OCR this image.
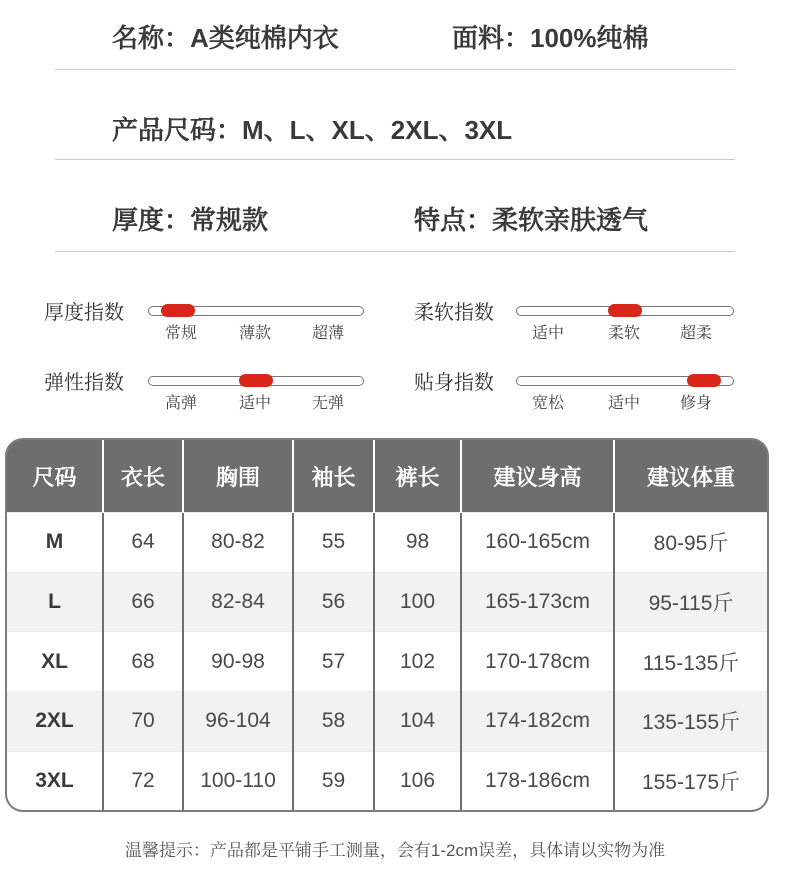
名称：A类纯棉内衣	面料：100%纯棉
产品尺码：M、L、XL、2XL、3XL
厚度：常规款	特点：柔软亲肤透气
厚度指数
常规	薄款	超薄
柔软指数
适中	柔软 超柔
弹性指数
高弹	适中	无弹
贴身指数
宽松	适中 修身
尺码	衣长	胸围	袖长	裤长	建议身高	建议体重
M	64	80-82	55	98	160-165cm	80-95斤
L	66	82-84	56	100	165-173cm	95-115斤
XL	68	90-98	57	102	170-178cm	115-135斤
2XL	70	96-104	58	104	174-182cm	135-155斤
3XL	72	100-110	59	106	178-186cm	155-175斤
温馨提示：产品都是平铺手工测量，会有1-2cm误差，具体请以实物为准
